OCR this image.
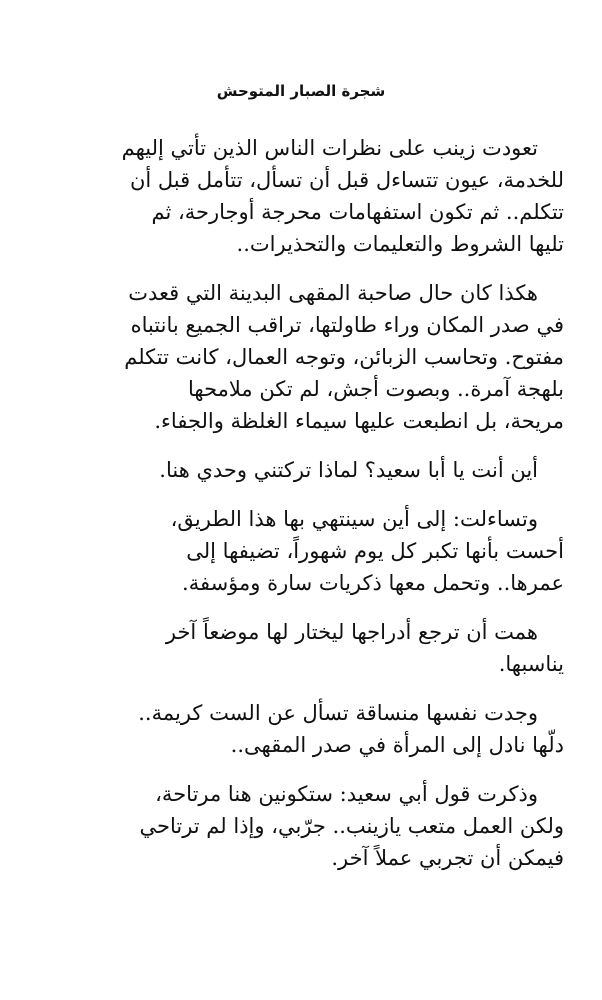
شجرة الصبار المتوحش

تعودت زينب على نظرات الناس الذين تأتي إليهم
للخدمة، عيون تتساءل قبل أن تسأل، تتأمل قبل أن
تتكلم.. ثم تكون استفهامات محرجة أوجارحة، ثم
تليها الشروط والتعليمات والتحذيرات..

هكذا كان حال صاحبة المقهى البدينة التي قعدت
في صدر المكان وراء طاولتها، تراقب الجميع بانتباه
مفتوح. وتحاسب الزبائن، وتوجه العمال، كانت تتكلم
بلهجة آمرة.. وبصوت أجش، لم تكن ملامحها
مريحة، بل انطبعت عليها سيماء الغلظة والجفاء.

أين أنت يا أبا سعيد؟ لماذا تركتني وحدي هنا.

وتساءلت: إلى أين سينتهي بها هذا الطريق،
أحست بأنها تكبر كل يوم شهوراً، تضيفها إلى
عمرها.. وتحمل معها ذكريات سارة ومؤسفة.

همت أن ترجع أدراجها ليختار لها موضعاً آخر
يناسبها.

وجدت نفسها منساقة تسأل عن الست كريمة..
دلّها نادل إلى المرأة في صدر المقهى..

وذكرت قول أبي سعيد: ستكونين هنا مرتاحة،
ولكن العمل متعب يازينب.. جرّبي، وإذا لم ترتاحي
فيمكن أن تجربي عملاً آخر.
